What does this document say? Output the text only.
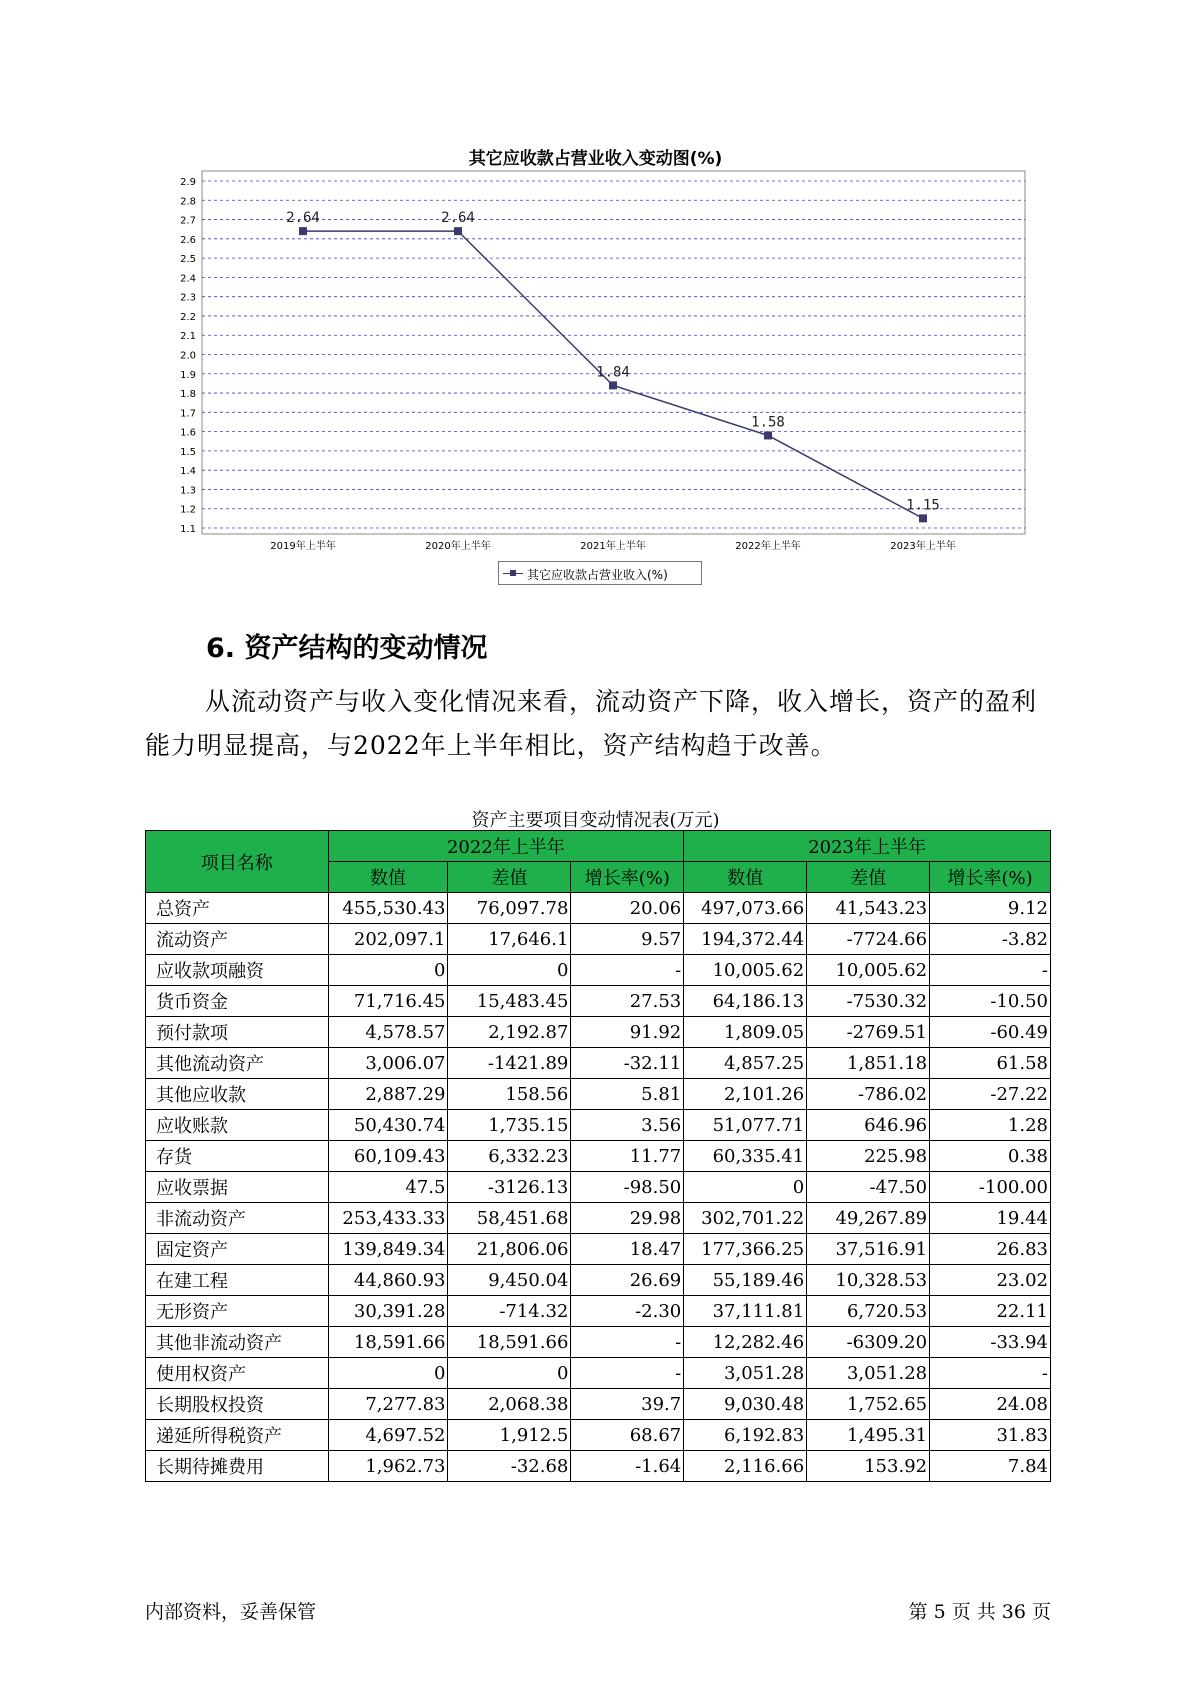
其它应收款占营业收入变动图(%)
1.1
1.2
1.3
1.4
1.5
1.6
1.7
1.8
1.9
2.0
2.1
2.2
2.3
2.4
2.5
2.6
2.7
2.8
2.9
2019年上半年	2020年上半年	2021年上半年	2022年上半年	2023年上半年
2.64	2.64
1.84
1.58
1.15
其它应收款占营业收入(%)
6. 资产结构的变动情况
从流动资产与收入变化情况来看，流动资产下降，收入增长，资产的盈利能力明显提高，与2022年上半年相比，资产结构趋于改善。
资产主要项目变动情况表(万元)
项目名称	2022年上半年			2023年上半年		
	数值	差值	增长率(%)	数值	差值	增长率(%)
总资产	455,530.43	76,097.78	20.06	497,073.66	41,543.23	9.12
流动资产	202,097.1	17,646.1	9.57	194,372.44	-7724.66	-3.82
应收款项融资	0	0	-	10,005.62	10,005.62	-
货币资金	71,716.45	15,483.45	27.53	64,186.13	-7530.32	-10.50
预付款项	4,578.57	2,192.87	91.92	1,809.05	-2769.51	-60.49
其他流动资产	3,006.07	-1421.89	-32.11	4,857.25	1,851.18	61.58
其他应收款	2,887.29	158.56	5.81	2,101.26	-786.02	-27.22
应收账款	50,430.74	1,735.15	3.56	51,077.71	646.96	1.28
存货	60,109.43	6,332.23	11.77	60,335.41	225.98	0.38
应收票据	47.5	-3126.13	-98.50	0	-47.50	-100.00
非流动资产	253,433.33	58,451.68	29.98	302,701.22	49,267.89	19.44
固定资产	139,849.34	21,806.06	18.47	177,366.25	37,516.91	26.83
在建工程	44,860.93	9,450.04	26.69	55,189.46	10,328.53	23.02
无形资产	30,391.28	-714.32	-2.30	37,111.81	6,720.53	22.11
其他非流动资产	18,591.66	18,591.66	-	12,282.46	-6309.20	-33.94
使用权资产	0	0	-	3,051.28	3,051.28	-
长期股权投资	7,277.83	2,068.38	39.7	9,030.48	1,752.65	24.08
递延所得税资产	4,697.52	1,912.5	68.67	6,192.83	1,495.31	31.83
长期待摊费用	1,962.73	-32.68	-1.64	2,116.66	153.92	7.84
内部资料，妥善保管	第 5 页 共 36 页
